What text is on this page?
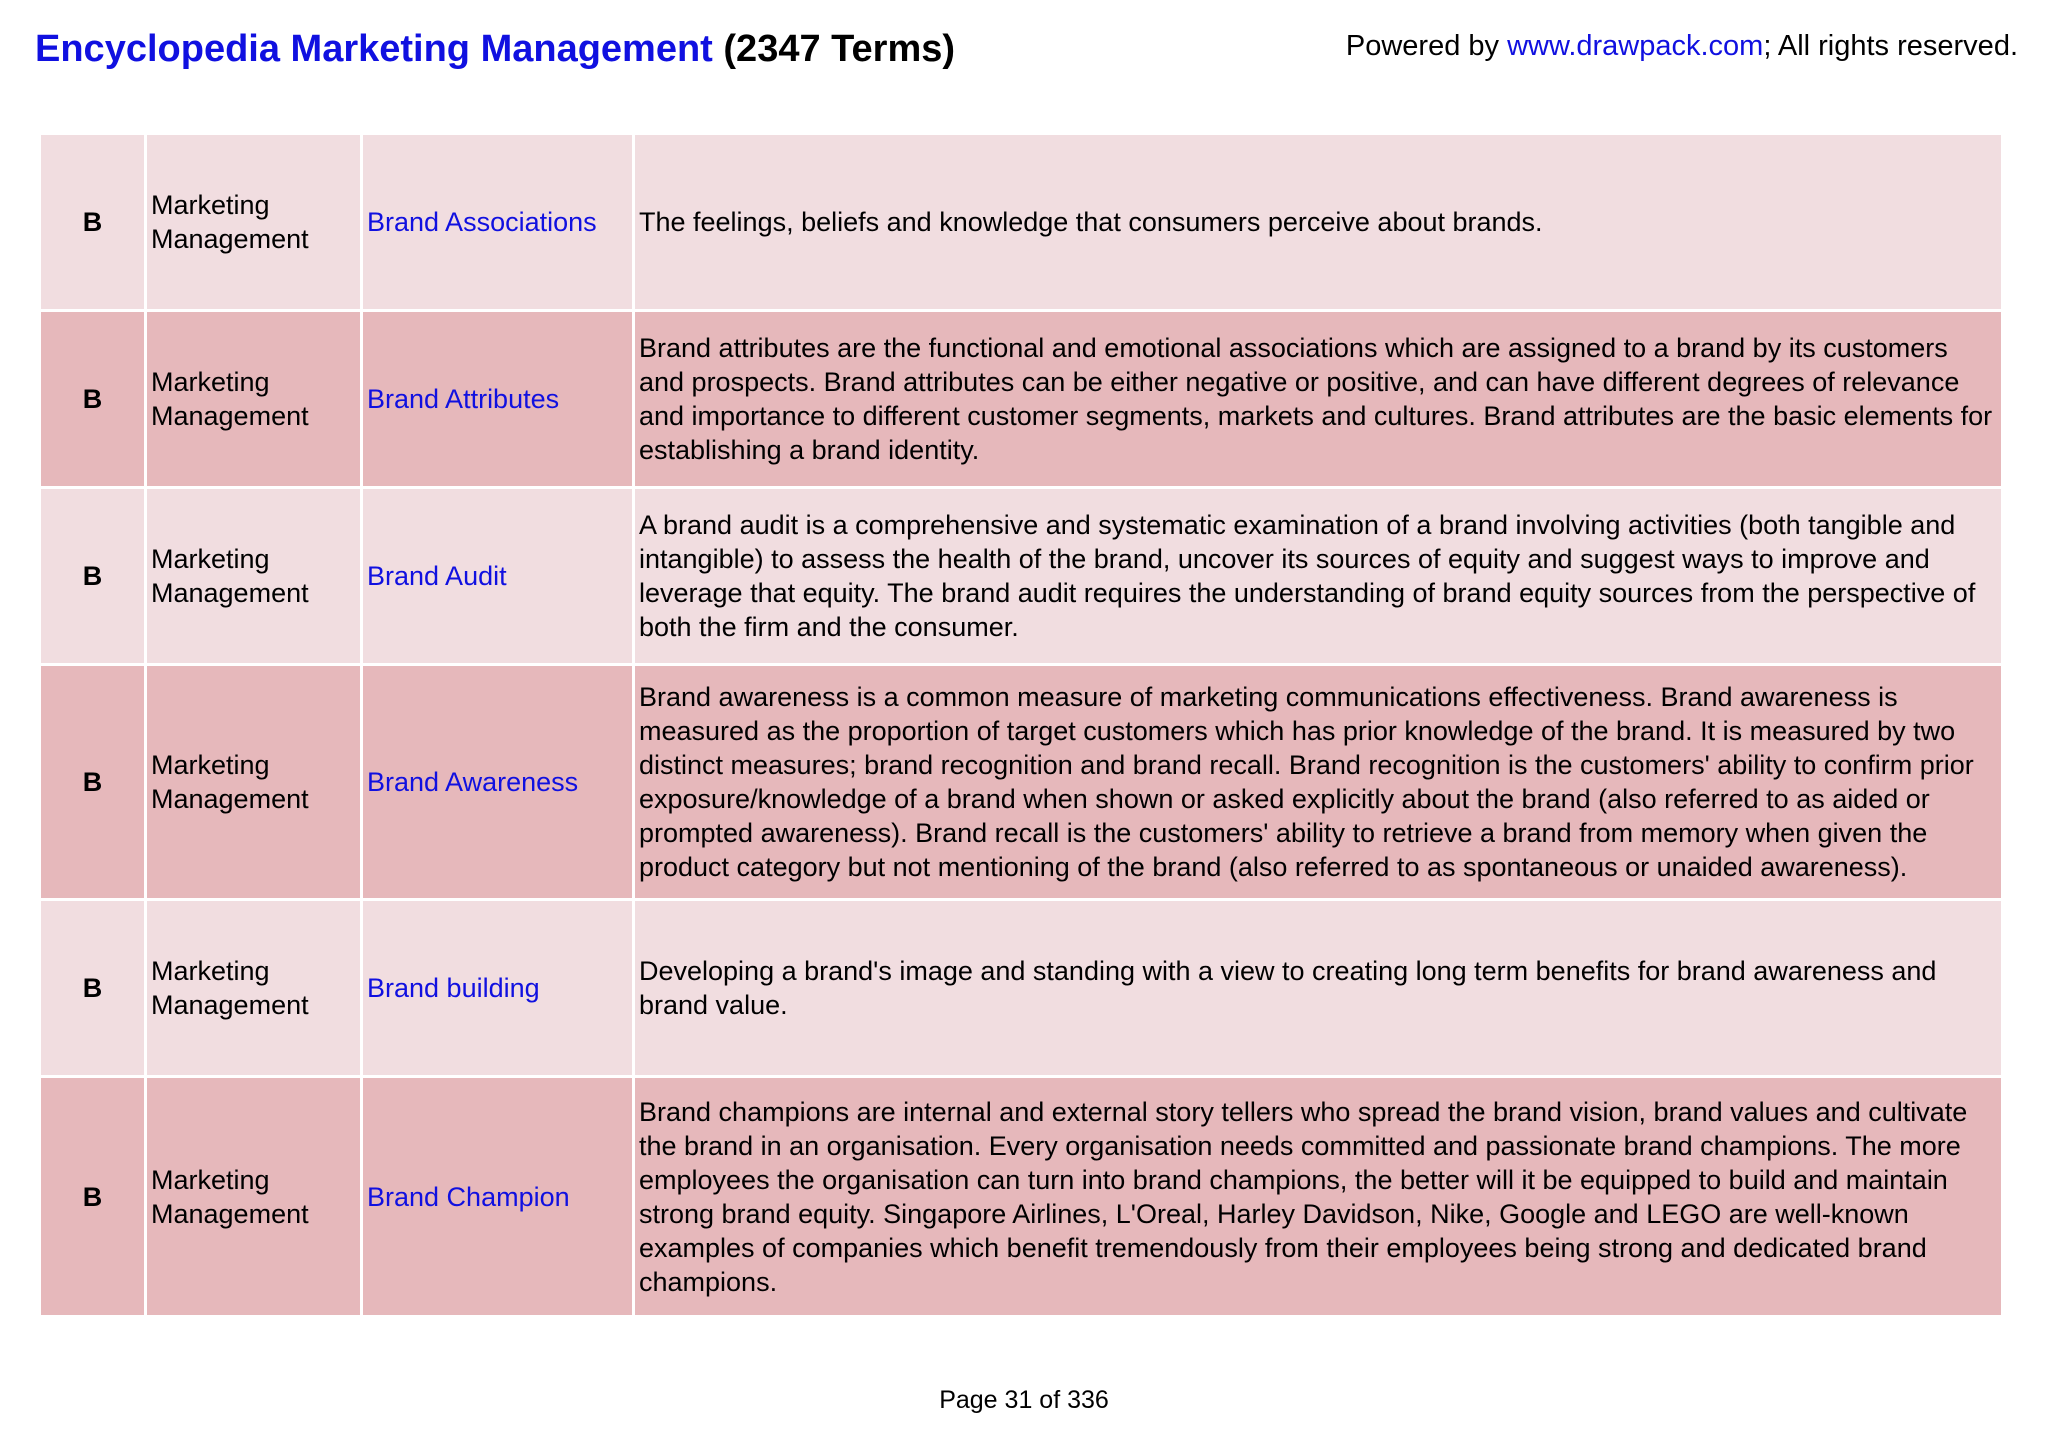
Encyclopedia Marketing Management (2347 Terms)	Powered by www.drawpack.com; All rights reserved.
B	Marketing Management	Brand Associations	The feelings, beliefs and knowledge that consumers perceive about brands.
B	Marketing Management	Brand Attributes	Brand attributes are the functional and emotional associations which are assigned to a brand by its customers and prospects. Brand attributes can be either negative or positive, and can have different degrees of relevance and importance to different customer segments, markets and cultures. Brand attributes are the basic elements for establishing a brand identity.
B	Marketing Management	Brand Audit	A brand audit is a comprehensive and systematic examination of a brand involving activities (both tangible and intangible) to assess the health of the brand, uncover its sources of equity and suggest ways to improve and leverage that equity. The brand audit requires the understanding of brand equity sources from the perspective of both the firm and the consumer.
B	Marketing Management	Brand Awareness	Brand awareness is a common measure of marketing communications effectiveness. Brand awareness is measured as the proportion of target customers which has prior knowledge of the brand. It is measured by two distinct measures; brand recognition and brand recall. Brand recognition is the customers' ability to confirm prior exposure/knowledge of a brand when shown or asked explicitly about the brand (also referred to as aided or prompted awareness). Brand recall is the customers' ability to retrieve a brand from memory when given the product category but not mentioning of the brand (also referred to as spontaneous or unaided awareness).
B	Marketing Management	Brand building	Developing a brand's image and standing with a view to creating long term benefits for brand awareness and brand value.
B	Marketing Management	Brand Champion	Brand champions are internal and external story tellers who spread the brand vision, brand values and cultivate the brand in an organisation. Every organisation needs committed and passionate brand champions. The more employees the organisation can turn into brand champions, the better will it be equipped to build and maintain strong brand equity. Singapore Airlines, L'Oreal, Harley Davidson, Nike, Google and LEGO are well-known examples of companies which benefit tremendously from their employees being strong and dedicated brand champions.
Page 31 of 336
